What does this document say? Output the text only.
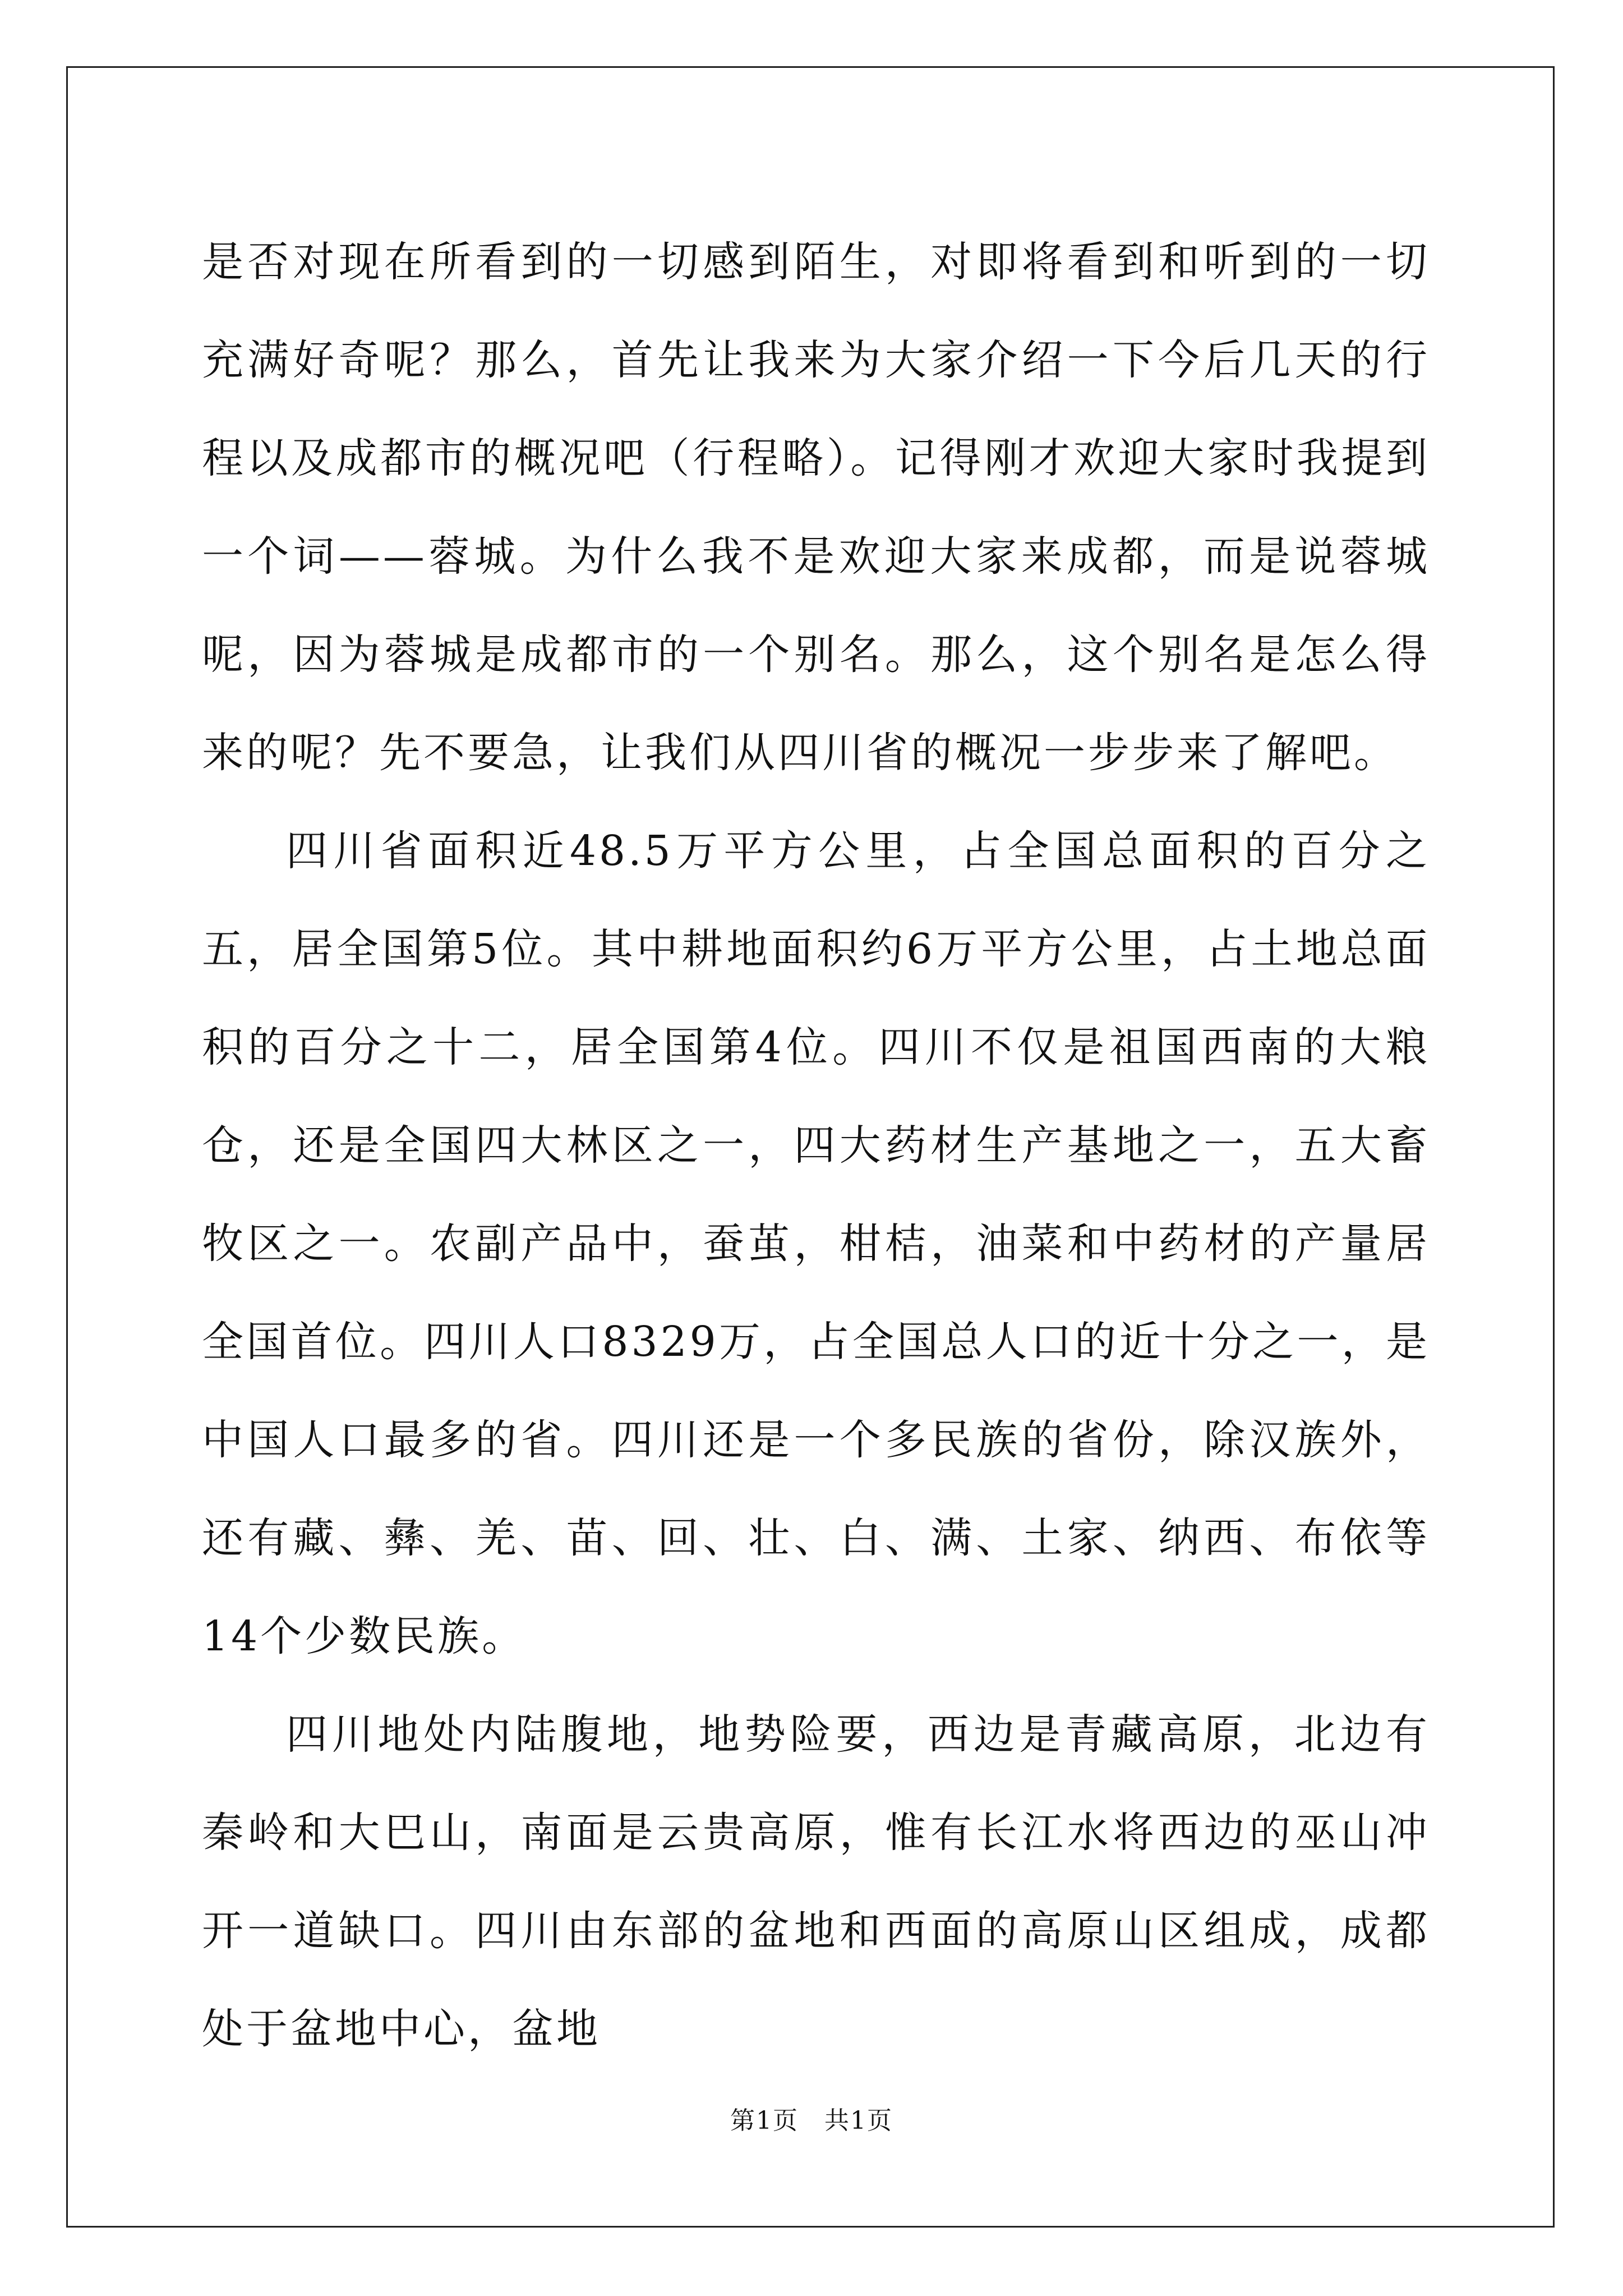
是否对现在所看到的一切感到陌生，对即将看到和听到的一切充满好奇呢？那么，首先让我来为大家介绍一下今后几天的行程以及成都市的概况吧（行程略）。记得刚才欢迎大家时我提到一个词——蓉城。为什么我不是欢迎大家来成都，而是说蓉城呢，因为蓉城是成都市的一个别名。那么，这个别名是怎么得来的呢？先不要急，让我们从四川省的概况一步步来了解吧。

四川省面积近48.5万平方公里，占全国总面积的百分之五，居全国第5位。其中耕地面积约6万平方公里，占土地总面积的百分之十二，居全国第4位。四川不仅是祖国西南的大粮仓，还是全国四大林区之一，四大药材生产基地之一，五大畜牧区之一。农副产品中，蚕茧，柑桔，油菜和中药材的产量居全国首位。四川人口8329万，占全国总人口的近十分之一，是中国人口最多的省。四川还是一个多民族的省份，除汉族外，还有藏、彝、羌、苗、回、壮、白、满、土家、纳西、布依等14个少数民族。

四川地处内陆腹地，地势险要，西边是青藏高原，北边有秦岭和大巴山，南面是云贵高原，惟有长江水将西边的巫山冲开一道缺口。四川由东部的盆地和西面的高原山区组成，成都处于盆地中心，盆地

第1页　共1页
